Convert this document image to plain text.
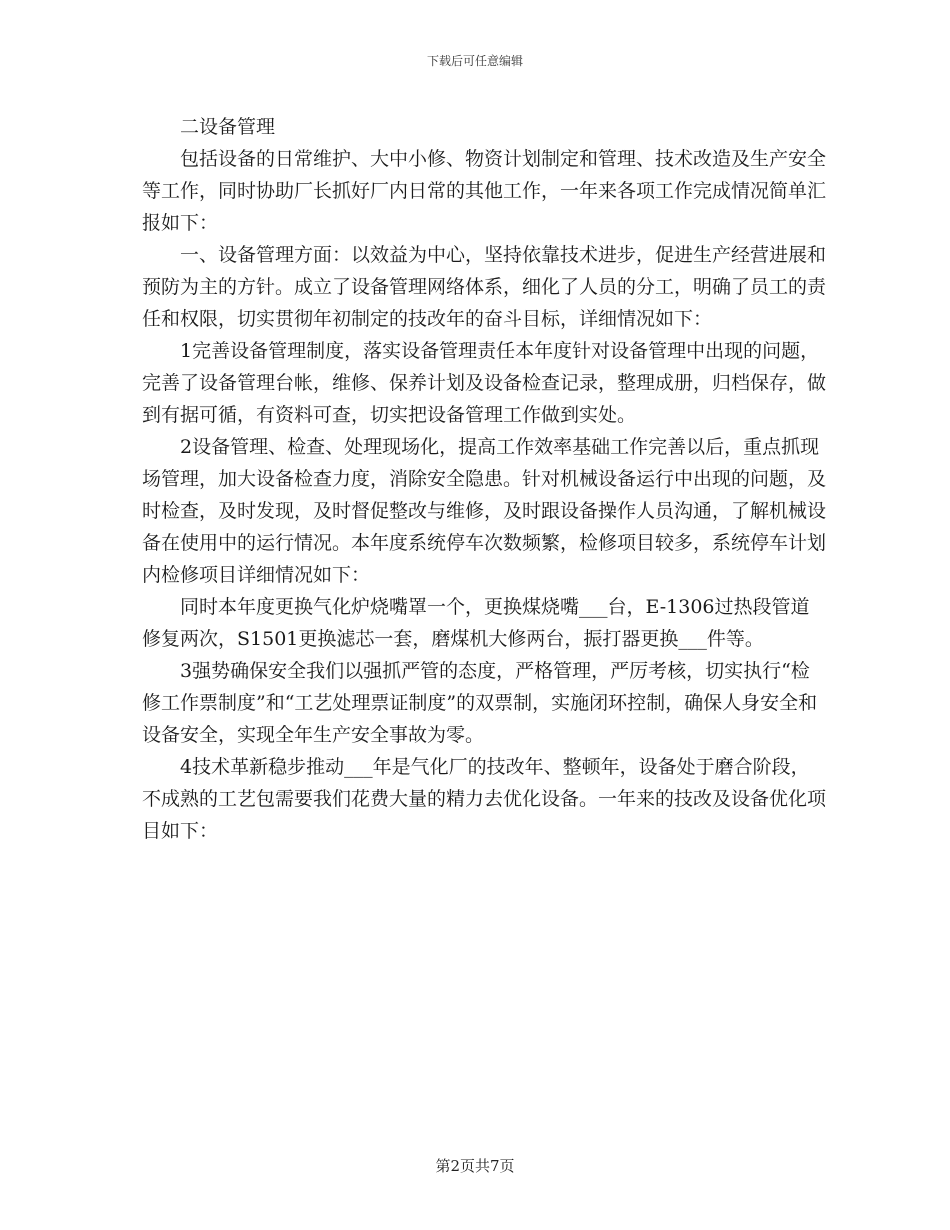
下载后可任意编辑

二设备管理

包括设备的日常维护、大中小修、物资计划制定和管理、技术改造及生产安全等工作，同时协助厂长抓好厂内日常的其他工作，一年来各项工作完成情况简单汇报如下：

一、设备管理方面：以效益为中心，坚持依靠技术进步，促进生产经营进展和预防为主的方针。成立了设备管理网络体系，细化了人员的分工，明确了员工的责任和权限，切实贯彻年初制定的技改年的奋斗目标，详细情况如下：

1完善设备管理制度，落实设备管理责任本年度针对设备管理中出现的问题，完善了设备管理台帐，维修、保养计划及设备检查记录，整理成册，归档保存，做到有据可循，有资料可查，切实把设备管理工作做到实处。

2设备管理、检查、处理现场化，提高工作效率基础工作完善以后，重点抓现场管理，加大设备检查力度，消除安全隐患。针对机械设备运行中出现的问题，及时检查，及时发现，及时督促整改与维修，及时跟设备操作人员沟通，了解机械设备在使用中的运行情况。本年度系统停车次数频繁，检修项目较多，系统停车计划内检修项目详细情况如下：

同时本年度更换气化炉烧嘴罩一个，更换煤烧嘴___台，E-1306过热段管道修复两次，S1501更换滤芯一套，磨煤机大修两台，振打器更换___件等。

3强势确保安全我们以强抓严管的态度，严格管理，严厉考核，切实执行“检修工作票制度”和“工艺处理票证制度”的双票制，实施闭环控制，确保人身安全和设备安全，实现全年生产安全事故为零。

4技术革新稳步推动___年是气化厂的技改年、整顿年，设备处于磨合阶段，不成熟的工艺包需要我们花费大量的精力去优化设备。一年来的技改及设备优化项目如下：

第2页共7页
